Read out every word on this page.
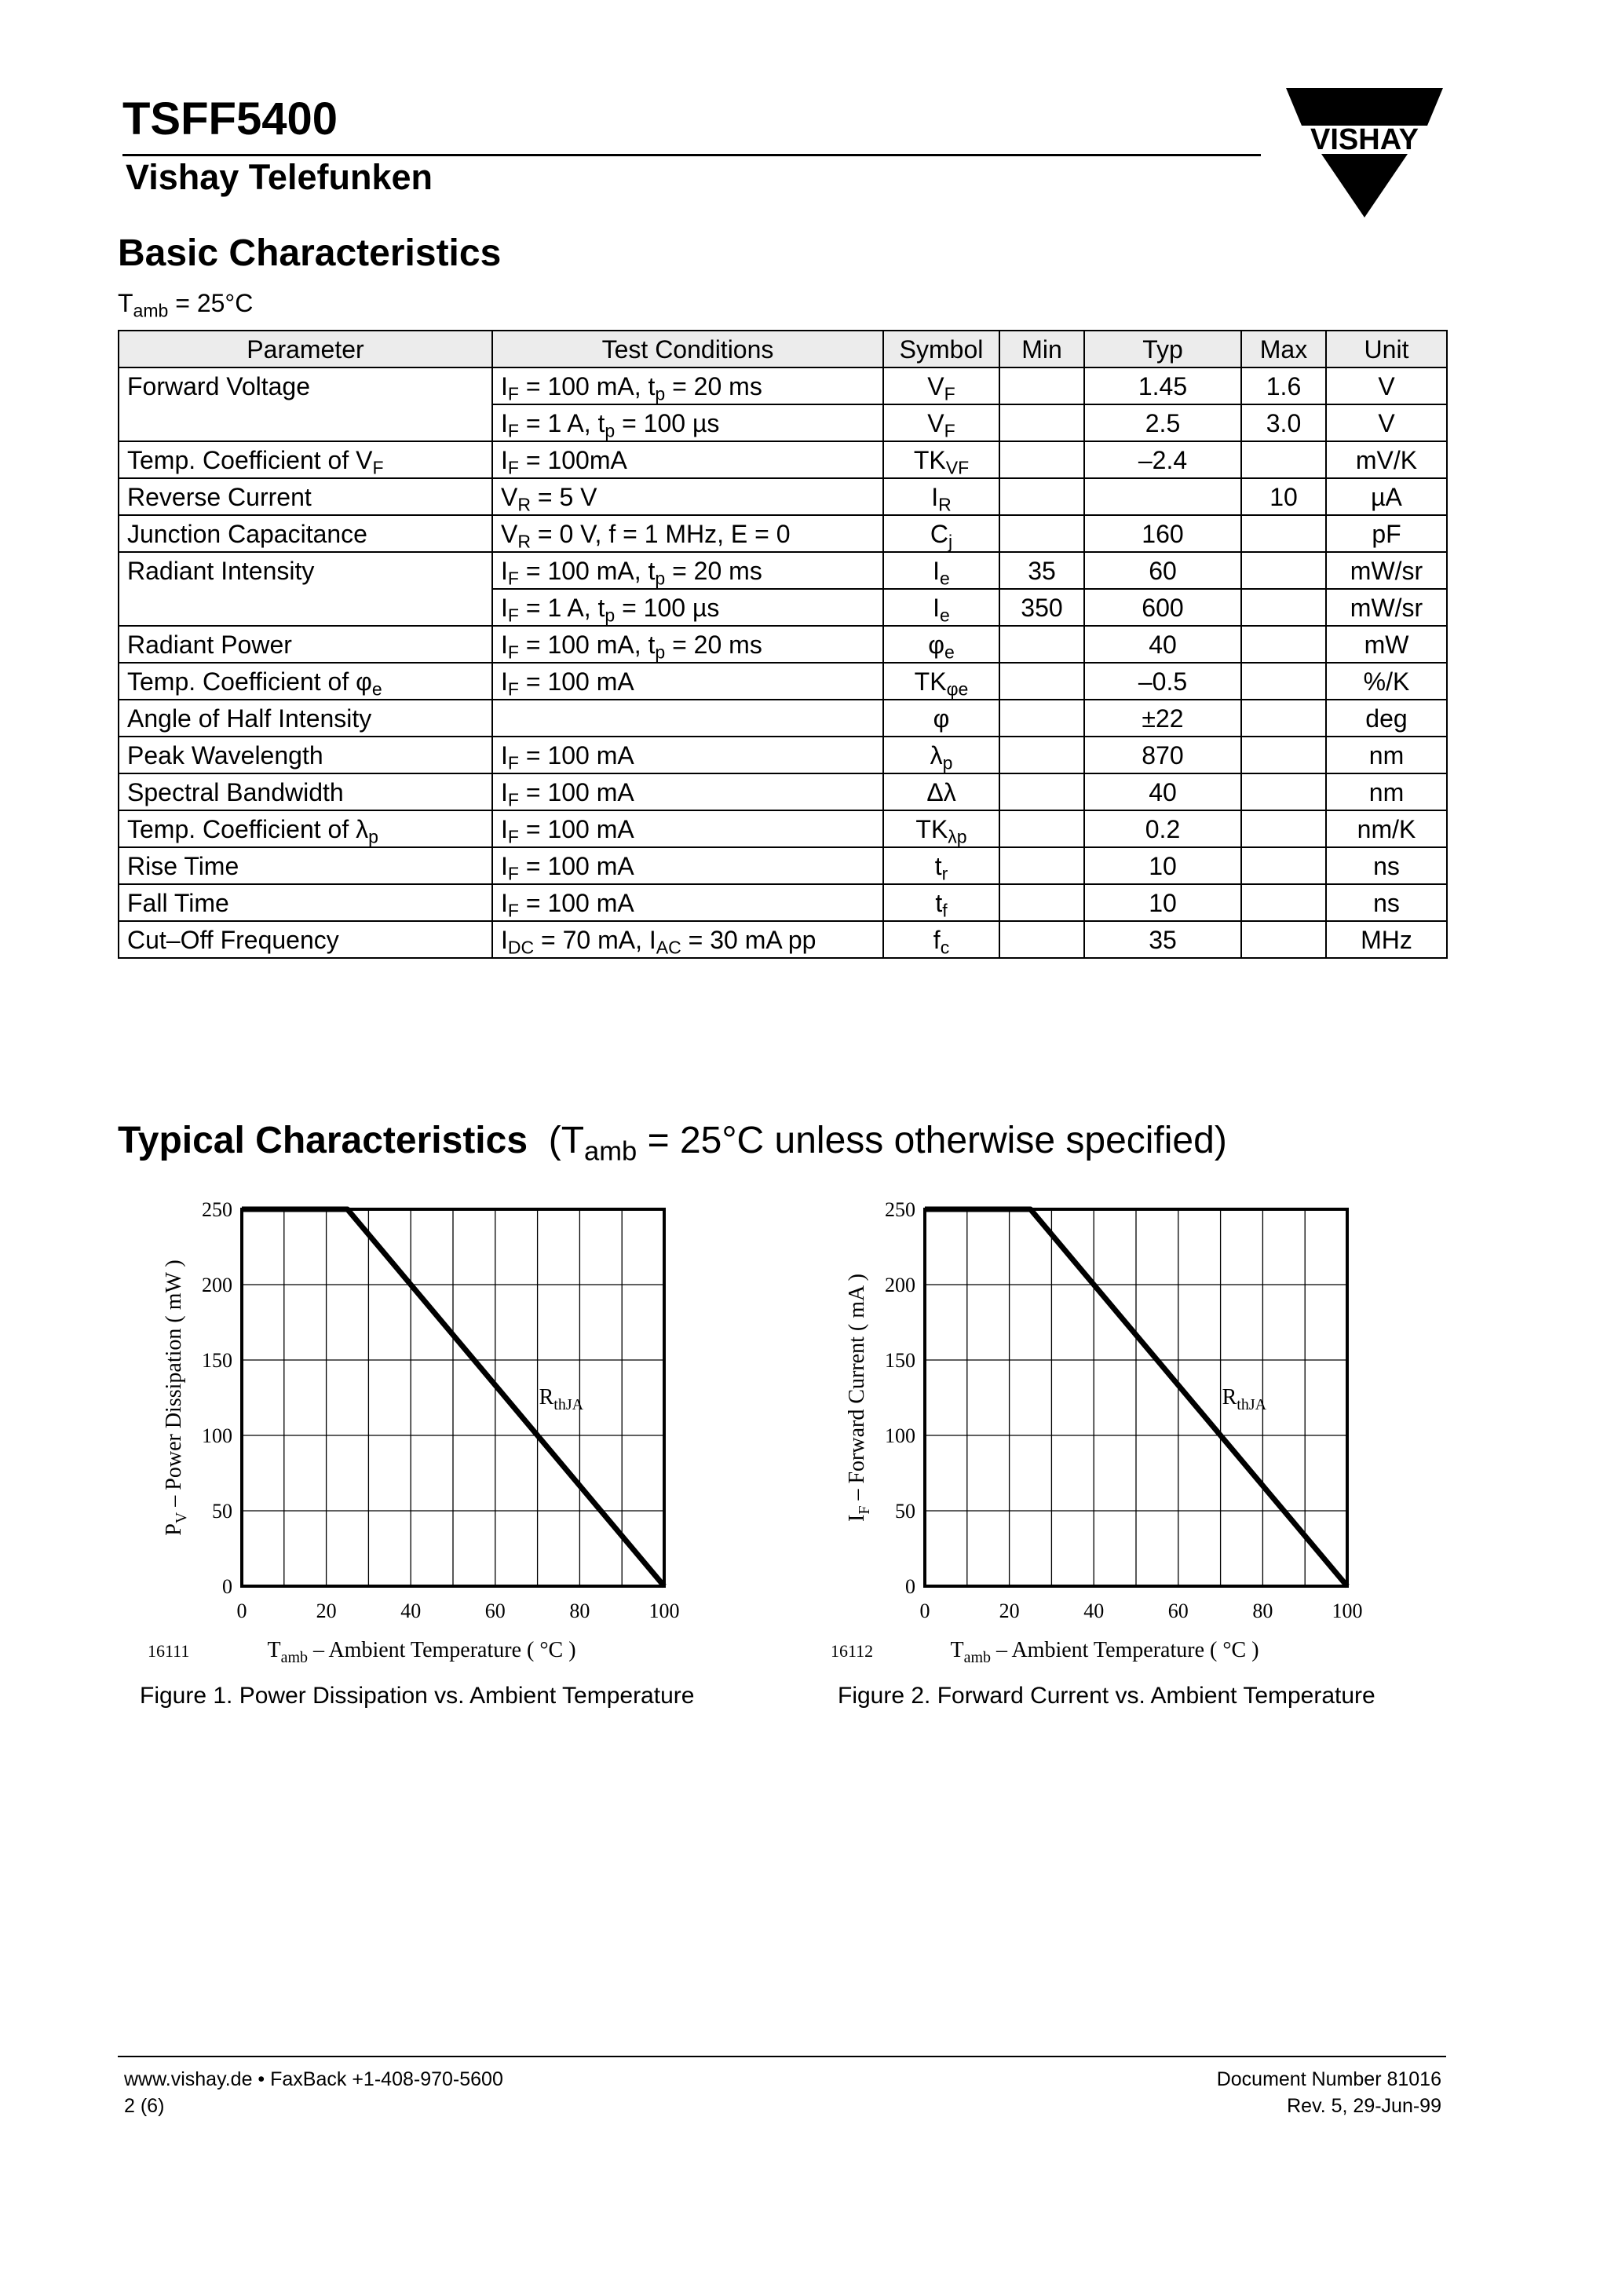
TSFF5400
Vishay Telefunken
VISHAY
Basic Characteristics
$T_{amb} = 25^\circ C$
Parameter	Test Conditions	Symbol	Min	Typ	Max	Unit
Forward Voltage	$I_F = 100$ mA, $t_p = 20$ ms	$V_F$		1.45	1.6	V
	$I_F = 1$ A, $t_p = 100$ µs	$V_F$		2.5	3.0	V
Temp. Coefficient of $V_F$	$I_F = 100mA$	$TK_{VF}$		–2.4		mV/K
Reverse Current	$V_R = 5$ V	$I_R$			10	µA
Junction Capacitance	$V_R = 0$ V, f = 1 MHz, E = 0	$C_j$		160		pF
Radiant Intensity	$I_F = 100$ mA, $t_p = 20$ ms	$I_e$	35	60		mW/sr
	$I_F = 1$ A, $t_p = 100$ µs	$I_e$	350	600		mW/sr
Radiant Power	$I_F = 100$ mA, $t_p = 20$ ms	$\varphi_e$		40		mW
Temp. Coefficient of $\varphi_e$	$I_F = 100$ mA	$TK_{\varphi e}$		–0.5		%/K
Angle of Half Intensity		φ		±22		deg
Peak Wavelength	$I_F = 100$ mA	$\lambda_p$		870		nm
Spectral Bandwidth	$I_F = 100$ mA	Δλ		40		nm
Temp. Coefficient of $\lambda_p$	$I_F = 100$ mA	$TK_{\lambda p}$		0.2		nm/K
Rise Time	$I_F = 100$ mA	$t_r$		10		ns
Fall Time	$I_F = 100$ mA	$t_f$		10		ns
Cut–Off Frequency	$I_{DC} = 70$ mA, $I_{AC} = 30$ mA pp	$f_c$		35		MHz
Typical Characteristics  ($T_{amb} = 25^\circ C$ unless otherwise specified)
0	20	40	60	80	100
0
50
100
150
200
250
$R_{thJA}$
$T_{amb}$ – Ambient Temperature ( °C )
16111
$P_V$ – Power Dissipation ( mW )
0	20	40	60	80	100
0
50
100
150
200
250
$R_{thJA}$
$T_{amb}$ – Ambient Temperature ( °C )
16112
$I_F$ – Forward Current ( mA )
Figure 1. Power Dissipation vs. Ambient Temperature	Figure 2. Forward Current vs. Ambient Temperature
www.vishay.de • FaxBack +1-408-970-5600
2 (6)
Document Number 81016
Rev. 5, 29-Jun-99
